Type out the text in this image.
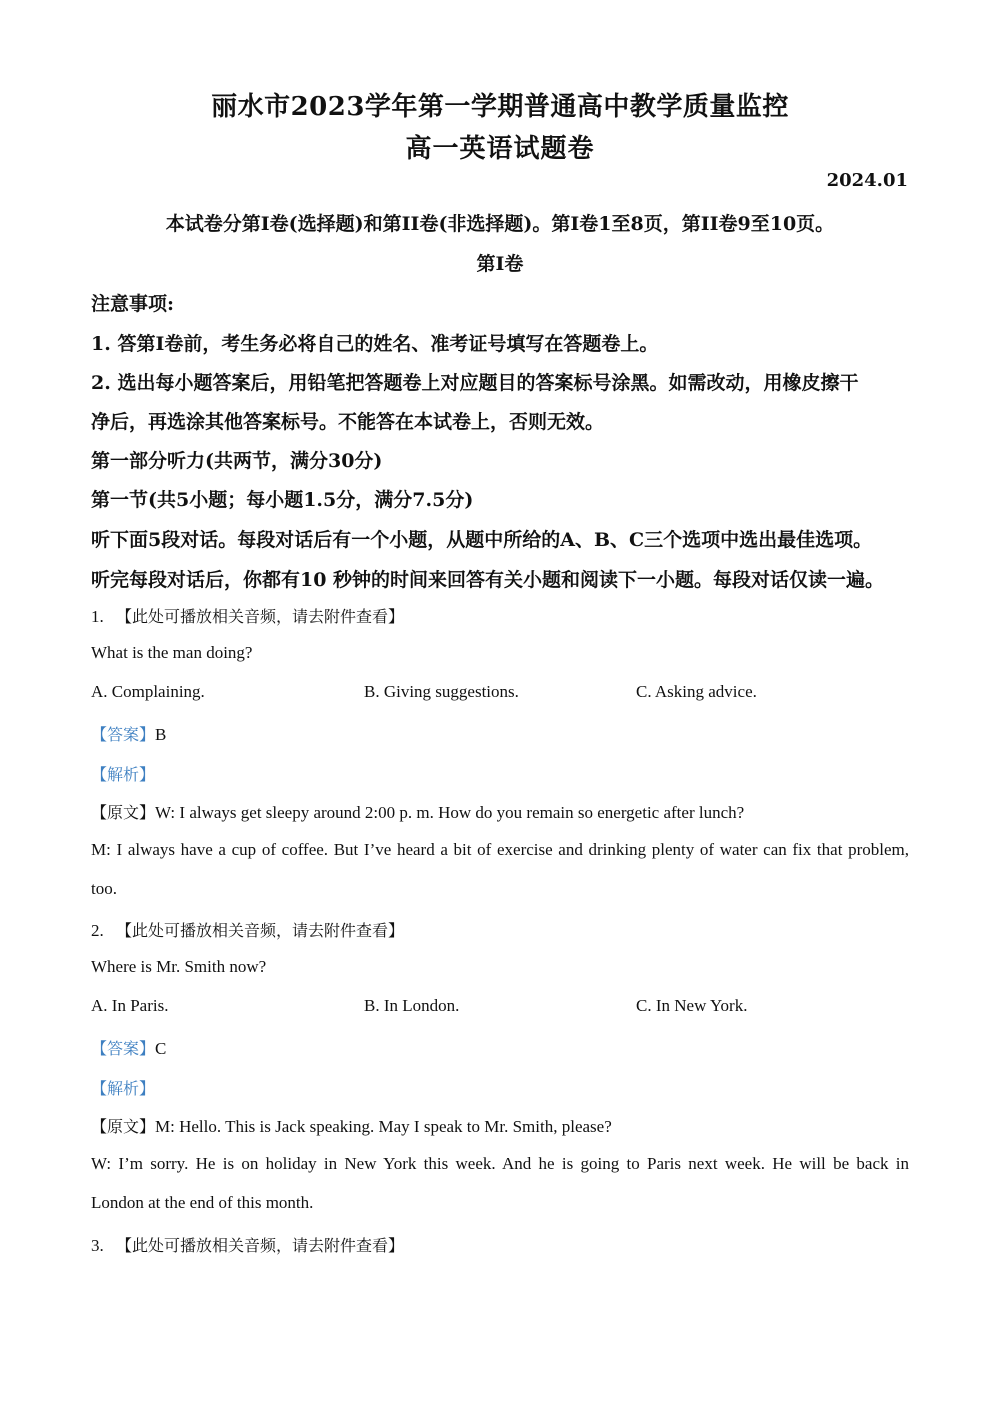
丽水市2023学年第一学期普通高中教学质量监控
高一英语试题卷
2024.01
本试卷分第I卷(选择题)和第II卷(非选择题)。第I卷1至8页，第II卷9至10页。
第I卷
注意事项:
1. 答第I卷前，考生务必将自己的姓名、准考证号填写在答题卷上。
2. 选出每小题答案后，用铅笔把答题卷上对应题目的答案标号涂黑。如需改动，用橡皮擦干
净后，再选涂其他答案标号。不能答在本试卷上，否则无效。
第一部分听力(共两节，满分30分)
第一节(共5小题；每小题1.5分，满分7.5分)
听下面5段对话。每段对话后有一个小题，从题中所给的A、B、C三个选项中选出最佳选项。
听完每段对话后，你都有10 秒钟的时间来回答有关小题和阅读下一小题。每段对话仅读一遍。
1. 【此处可播放相关音频，请去附件查看】
What is the man doing?
A. Complaining.	B. Giving suggestions.	C. Asking advice.
【答案】B
【解析】
【原文】W: I always get sleepy around 2:00 p. m. How do you remain so energetic after lunch?
M: I always have a cup of coffee. But I’ve heard a bit of exercise and drinking plenty of water can fix that problem,
too.
2. 【此处可播放相关音频，请去附件查看】
Where is Mr. Smith now?
A. In Paris.	B. In London.	C. In New York.
【答案】C
【解析】
【原文】M: Hello. This is Jack speaking. May I speak to Mr. Smith, please?
W: I’m sorry. He is on holiday in New York this week. And he is going to Paris next week. He will be back in
London at the end of this month.
3. 【此处可播放相关音频，请去附件查看】
